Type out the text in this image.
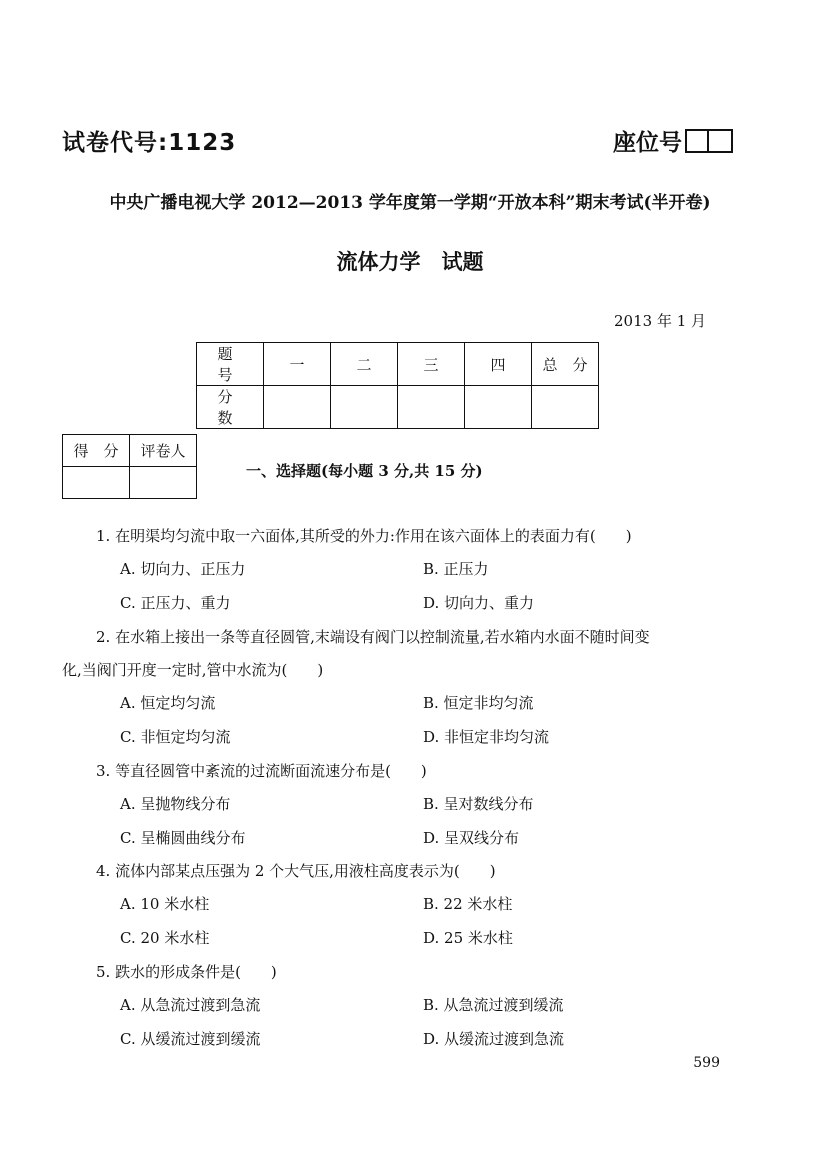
试卷代号:1123	座位号
中央广播电视大学 2012—2013 学年度第一学期“开放本科”期末考试(半开卷)
流体力学　试题
2013 年 1 月
题　号	一	二	三	四	总　分
分　数					
得　分	评卷人

一、选择题(每小题 3 分,共 15 分)
1. 在明渠均匀流中取一六面体,其所受的外力:作用在该六面体上的表面力有(　　)
A. 切向力、正压力	B. 正压力
C. 正压力、重力	D. 切向力、重力
2. 在水箱上接出一条等直径圆管,末端设有阀门以控制流量,若水箱内水面不随时间变
化,当阀门开度一定时,管中水流为(　　)
A. 恒定均匀流	B. 恒定非均匀流
C. 非恒定均匀流	D. 非恒定非均匀流
3. 等直径圆管中紊流的过流断面流速分布是(　　)
A. 呈抛物线分布	B. 呈对数线分布
C. 呈椭圆曲线分布	D. 呈双线分布
4. 流体内部某点压强为 2 个大气压,用液柱高度表示为(　　)
A. 10 米水柱	B. 22 米水柱
C. 20 米水柱	D. 25 米水柱
5. 跌水的形成条件是(　　)
A. 从急流过渡到急流	B. 从急流过渡到缓流
C. 从缓流过渡到缓流	D. 从缓流过渡到急流
599
